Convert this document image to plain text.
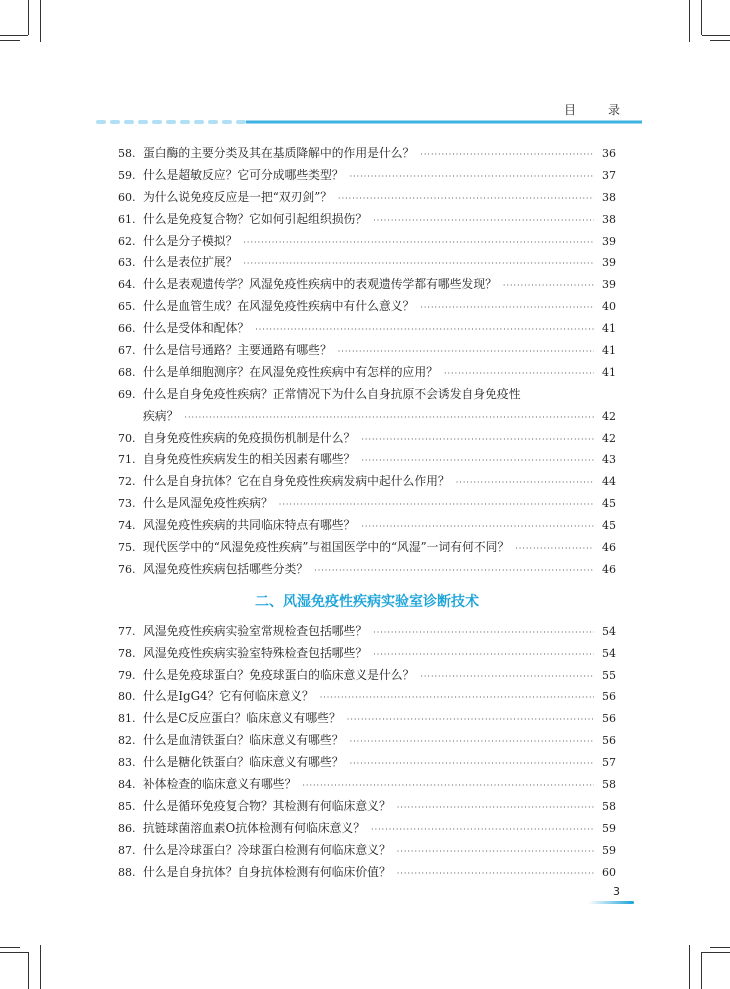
目　录
58. 蛋白酶的主要分类及其在基质降解中的作用是什么？ ·····	36
59. 什么是超敏反应？它可分成哪些类型？ ·····	37
60. 为什么说免疫反应是一把“双刃剑”？ ·····	38
61. 什么是免疫复合物？它如何引起组织损伤？ ·····	38
62. 什么是分子模拟？ ·····	39
63. 什么是表位扩展？ ·····	39
64. 什么是表观遗传学？风湿免疫性疾病中的表观遗传学都有哪些发现？ ·····	39
65. 什么是血管生成？在风湿免疫性疾病中有什么意义？ ·····	40
66. 什么是受体和配体？ ·····	41
67. 什么是信号通路？主要通路有哪些？ ·····	41
68. 什么是单细胞测序？在风湿免疫性疾病中有怎样的应用？ ·····	41
69. 什么是自身免疫性疾病？正常情况下为什么自身抗原不会诱发自身免疫性
疾病？ ·····	42
70. 自身免疫性疾病的免疫损伤机制是什么？ ·····	42
71. 自身免疫性疾病发生的相关因素有哪些？ ·····	43
72. 什么是自身抗体？它在自身免疫性疾病发病中起什么作用？ ·····	44
73. 什么是风湿免疫性疾病？ ·····	45
74. 风湿免疫性疾病的共同临床特点有哪些？ ·····	45
75. 现代医学中的“风湿免疫性疾病”与祖国医学中的“风湿”一词有何不同？ ·····	46
76. 风湿免疫性疾病包括哪些分类？ ·····	46
二、风湿免疫性疾病实验室诊断技术
77. 风湿免疫性疾病实验室常规检查包括哪些？ ·····	54
78. 风湿免疫性疾病实验室特殊检查包括哪些？ ·····	54
79. 什么是免疫球蛋白？免疫球蛋白的临床意义是什么？ ·····	55
80. 什么是IgG4？它有何临床意义？ ·····	56
81. 什么是C反应蛋白？临床意义有哪些？ ·····	56
82. 什么是血清铁蛋白？临床意义有哪些？ ·····	56
83. 什么是糖化铁蛋白？临床意义有哪些？ ·····	57
84. 补体检查的临床意义有哪些？ ·····	58
85. 什么是循环免疫复合物？其检测有何临床意义？ ·····	58
86. 抗链球菌溶血素O抗体检测有何临床意义？ ·····	59
87. 什么是冷球蛋白？冷球蛋白检测有何临床意义？ ·····	59
88. 什么是自身抗体？自身抗体检测有何临床价值？ ·····	60
3
